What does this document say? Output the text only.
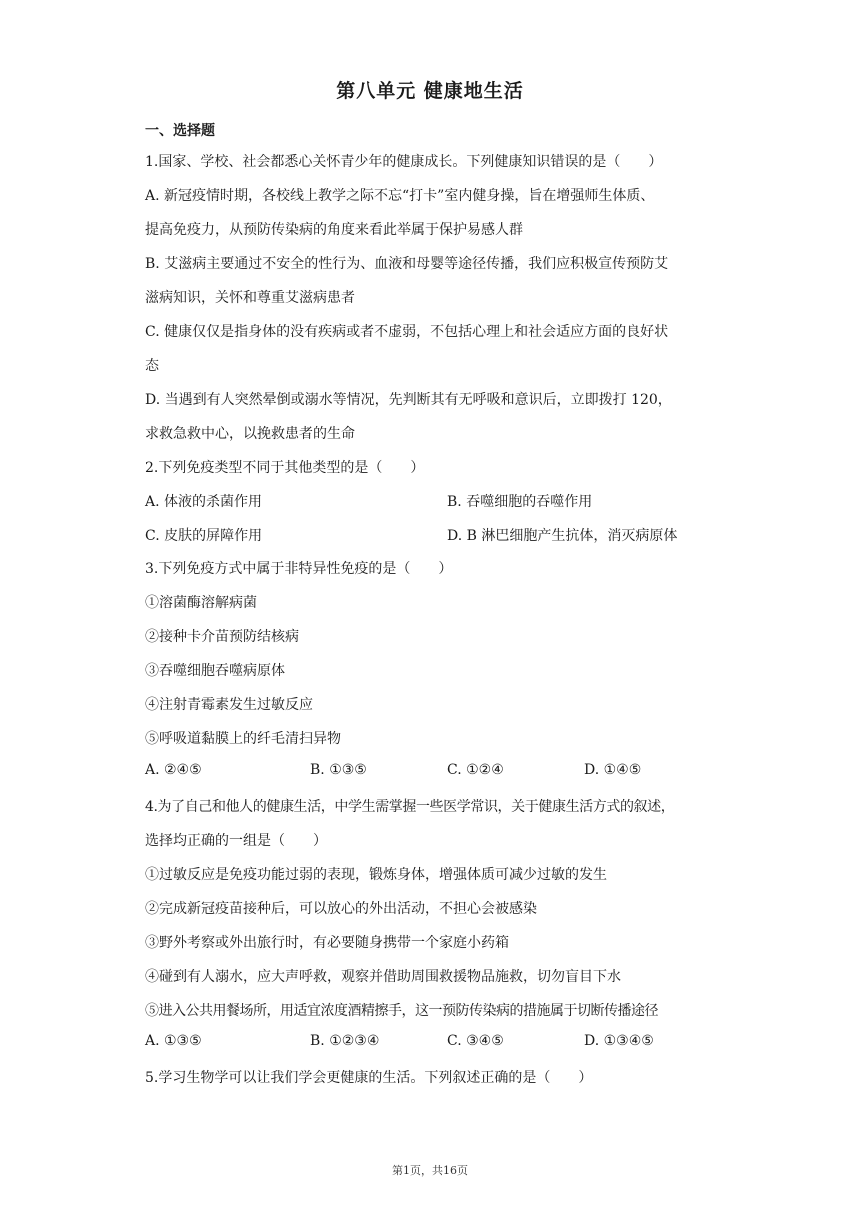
第八单元 健康地生活
一、选择题
1.国家、学校、社会都悉心关怀青少年的健康成长。下列健康知识错误的是（　　）
A. 新冠疫情时期，各校线上教学之际不忘“打卡”室内健身操，旨在增强师生体质、
提高免疫力，从预防传染病的角度来看此举属于保护易感人群
B. 艾滋病主要通过不安全的性行为、血液和母婴等途径传播，我们应积极宣传预防艾
滋病知识，关怀和尊重艾滋病患者
C. 健康仅仅是指身体的没有疾病或者不虚弱，不包括心理上和社会适应方面的良好状
态
D. 当遇到有人突然晕倒或溺水等情况，先判断其有无呼吸和意识后，立即拨打 120，
求救急救中心，以挽救患者的生命
2.下列免疫类型不同于其他类型的是（　　）
A. 体液的杀菌作用	B. 吞噬细胞的吞噬作用
C. 皮肤的屏障作用	D. B 淋巴细胞产生抗体，消灭病原体
3.下列免疫方式中属于非特异性免疫的是（　　）
①溶菌酶溶解病菌
②接种卡介苗预防结核病
③吞噬细胞吞噬病原体
④注射青霉素发生过敏反应
⑤呼吸道黏膜上的纤毛清扫异物
A. ②④⑤	B. ①③⑤	C. ①②④	D. ①④⑤
4.为了自己和他人的健康生活，中学生需掌握一些医学常识，关于健康生活方式的叙述，
选择均正确的一组是（　　）
①过敏反应是免疫功能过弱的表现，锻炼身体，增强体质可减少过敏的发生
②完成新冠疫苗接种后，可以放心的外出活动，不担心会被感染
③野外考察或外出旅行时，有必要随身携带一个家庭小药箱
④碰到有人溺水，应大声呼救，观察并借助周围救援物品施救，切勿盲目下水
⑤进入公共用餐场所，用适宜浓度酒精擦手，这一预防传染病的措施属于切断传播途径
A. ①③⑤	B. ①②③④	C. ③④⑤	D. ①③④⑤
5.学习生物学可以让我们学会更健康的生活。下列叙述正确的是（　　）
第1页，共16页
